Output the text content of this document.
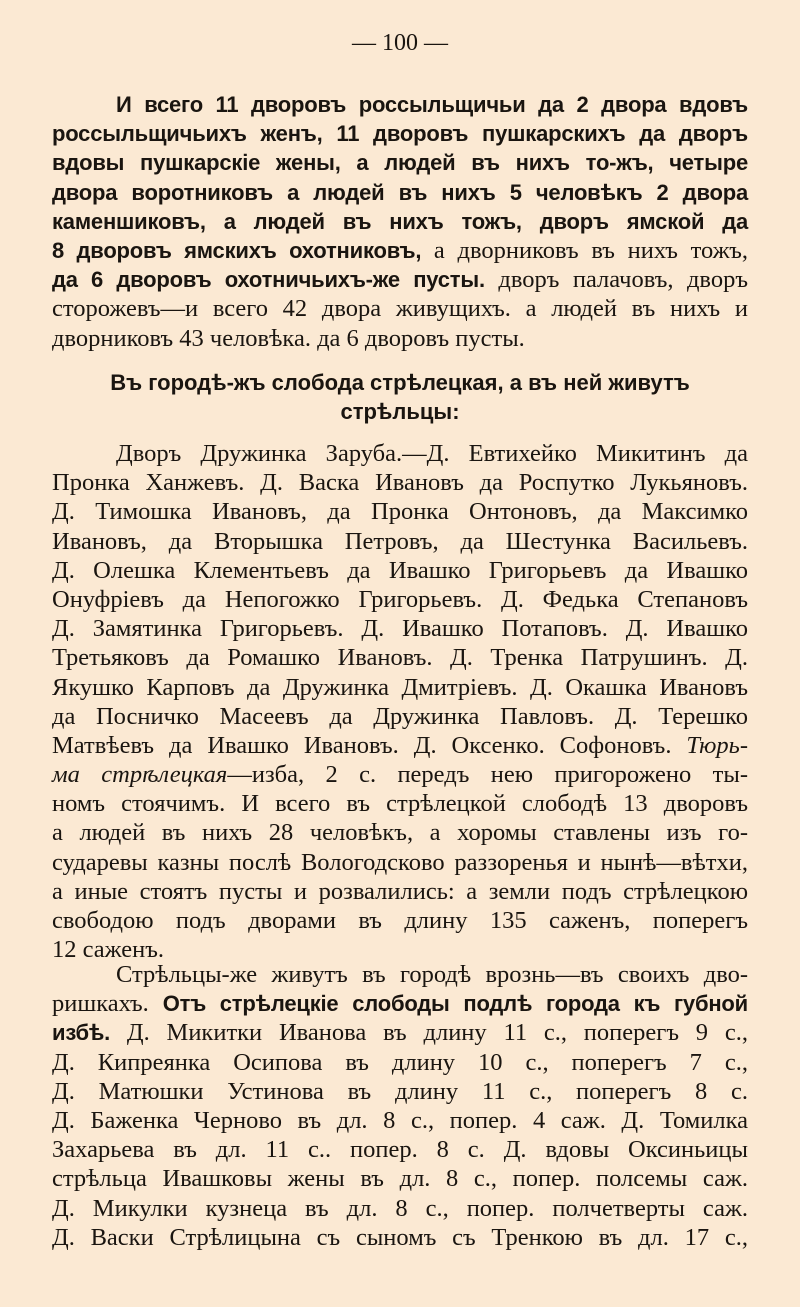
— 100 —
И всего 11 дворовъ россыльщичьи да 2 двора вдовъ
россыльщичьихъ женъ, 11 дворовъ пушкарскихъ да дворъ
вдовы пушкарскіе жены, а людей въ нихъ то-жъ, четыре
двора воротниковъ а людей въ нихъ 5 человѣкъ 2 двора
каменшиковъ, а людей въ нихъ тожъ, дворъ ямской да
8 дворовъ ямскихъ охотниковъ, а дворниковъ въ нихъ тожъ,
да 6 дворовъ охотничьихъ-же пусты. дворъ палачовъ, дворъ
сторожевъ—и всего 42 двора живущихъ. а людей въ нихъ и
дворниковъ 43 человѣка. да 6 дворовъ пусты.
Въ городѣ-жъ слобода стрѣлецкая, а въ ней живутъ
стрѣльцы:
Дворъ Дружинка Заруба.—Д. Евтихейко Микитинъ да
Пронка Ханжевъ. Д. Васка Ивановъ да Роспутко Лукьяновъ.
Д. Тимошка Ивановъ, да Пронка Онтоновъ, да Максимко
Ивановъ, да Вторышка Петровъ, да Шестунка Васильевъ.
Д. Олешка Клементьевъ да Ивашко Григорьевъ да Ивашко
Онуфріевъ да Непогожко Григорьевъ. Д. Федька Степановъ
Д. Замятинка Григорьевъ. Д. Ивашко Потаповъ. Д. Ивашко
Третьяковъ да Ромашко Ивановъ. Д. Тренка Патрушинъ. Д.
Якушко Карповъ да Дружинка Дмитріевъ. Д. Окашка Ивановъ
да Посничко Масеевъ да Дружинка Павловъ. Д. Терешко
Матвѣевъ да Ивашко Ивановъ. Д. Оксенко. Софоновъ. Тюрь-
ма стрѣлецкая—изба, 2 с. передъ нею пригорожено ты-
номъ стоячимъ. И всего въ стрѣлецкой слободѣ 13 дворовъ
а людей въ нихъ 28 человѣкъ, а хоромы ставлены изъ го-
сударевы казны послѣ Вологодсково раззоренья и нынѣ—вѣтхи,
а иные стоятъ пусты и розвалились: а земли подъ стрѣлецкою
свободою подъ дворами въ длину 135 саженъ, поперегъ
12 саженъ.
Стрѣльцы-же живутъ въ городѣ врознь—въ своихъ дво-
ришкахъ. Отъ стрѣлецкіе слободы подлѣ города къ губной
избѣ. Д. Микитки Иванова въ длину 11 с., поперегъ 9 с.,
Д. Кипреянка Осипова въ длину 10 с., поперегъ 7 с.,
Д. Матюшки Устинова въ длину 11 с., поперегъ 8 с.
Д. Баженка Черново въ дл. 8 с., попер. 4 саж. Д. Томилка
Захарьева въ дл. 11 с.. попер. 8 с. Д. вдовы Оксиньицы
стрѣльца Ивашковы жены въ дл. 8 с., попер. полсемы саж.
Д. Микулки кузнеца въ дл. 8 с., попер. полчетверты саж.
Д. Васки Стрѣлицына съ сыномъ съ Тренкою въ дл. 17 с.,
